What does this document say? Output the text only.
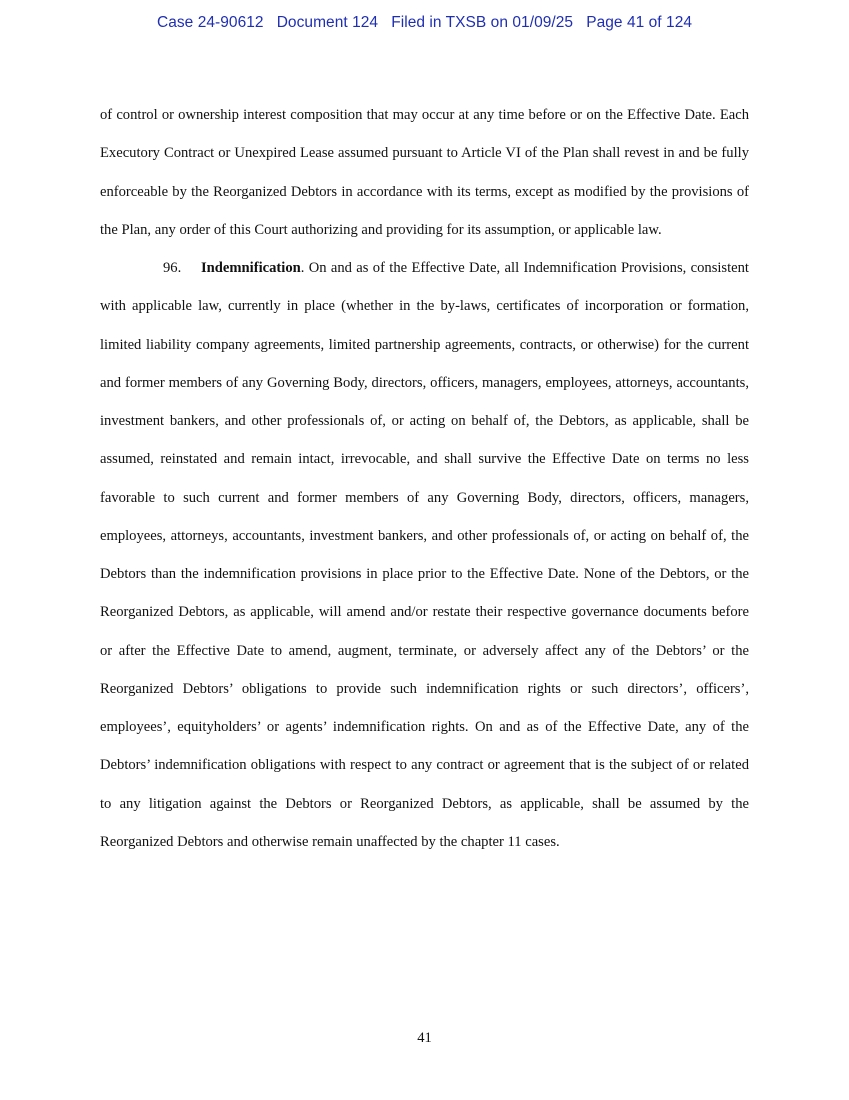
Case 24-90612 Document 124 Filed in TXSB on 01/09/25 Page 41 of 124

of control or ownership interest composition that may occur at any time before or on the Effective Date. Each Executory Contract or Unexpired Lease assumed pursuant to Article VI of the Plan shall revest in and be fully enforceable by the Reorganized Debtors in accordance with its terms, except as modified by the provisions of the Plan, any order of this Court authorizing and providing for its assumption, or applicable law.

96. Indemnification. On and as of the Effective Date, all Indemnification Provisions, consistent with applicable law, currently in place (whether in the by-laws, certificates of incorporation or formation, limited liability company agreements, limited partnership agreements, contracts, or otherwise) for the current and former members of any Governing Body, directors, officers, managers, employees, attorneys, accountants, investment bankers, and other professionals of, or acting on behalf of, the Debtors, as applicable, shall be assumed, reinstated and remain intact, irrevocable, and shall survive the Effective Date on terms no less favorable to such current and former members of any Governing Body, directors, officers, managers, employees, attorneys, accountants, investment bankers, and other professionals of, or acting on behalf of, the Debtors than the indemnification provisions in place prior to the Effective Date. None of the Debtors, or the Reorganized Debtors, as applicable, will amend and/or restate their respective governance documents before or after the Effective Date to amend, augment, terminate, or adversely affect any of the Debtors’ or the Reorganized Debtors’ obligations to provide such indemnification rights or such directors’, officers’, employees’, equityholders’ or agents’ indemnification rights. On and as of the Effective Date, any of the Debtors’ indemnification obligations with respect to any contract or agreement that is the subject of or related to any litigation against the Debtors or Reorganized Debtors, as applicable, shall be assumed by the Reorganized Debtors and otherwise remain unaffected by the chapter 11 cases.

41
